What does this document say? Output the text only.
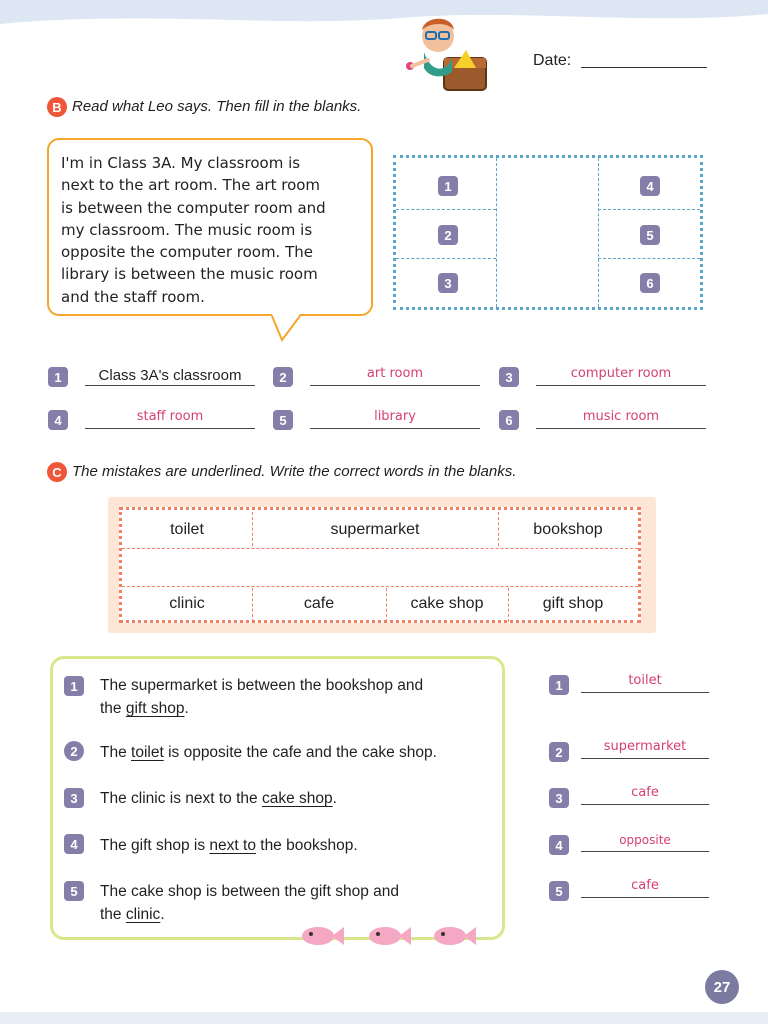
Date:
B Read what Leo says. Then fill in the blanks.
I'm in Class 3A. My classroom is
next to the art room. The art room
is between the computer room and
my classroom. The music room is
opposite the computer room. The
library is between the music room
and the staff room.
1
2
3
4
5
6
1	Class 3A's classroom	2	art room	3	computer room
4	staff room	5	library	6	music room
C The mistakes are underlined. Write the correct words in the blanks.
toilet	supermarket	bookshop
clinic	cafe	cake shop	gift shop
1	The supermarket is between the bookshop and
the gift shop.
2	The toilet is opposite the cafe and the cake shop.
3	The clinic is next to the cake shop.
4	The gift shop is next to the bookshop.
5	The cake shop is between the gift shop and
the clinic.
1	toilet
2	supermarket
3	cafe
4	opposite
5	cafe
27
